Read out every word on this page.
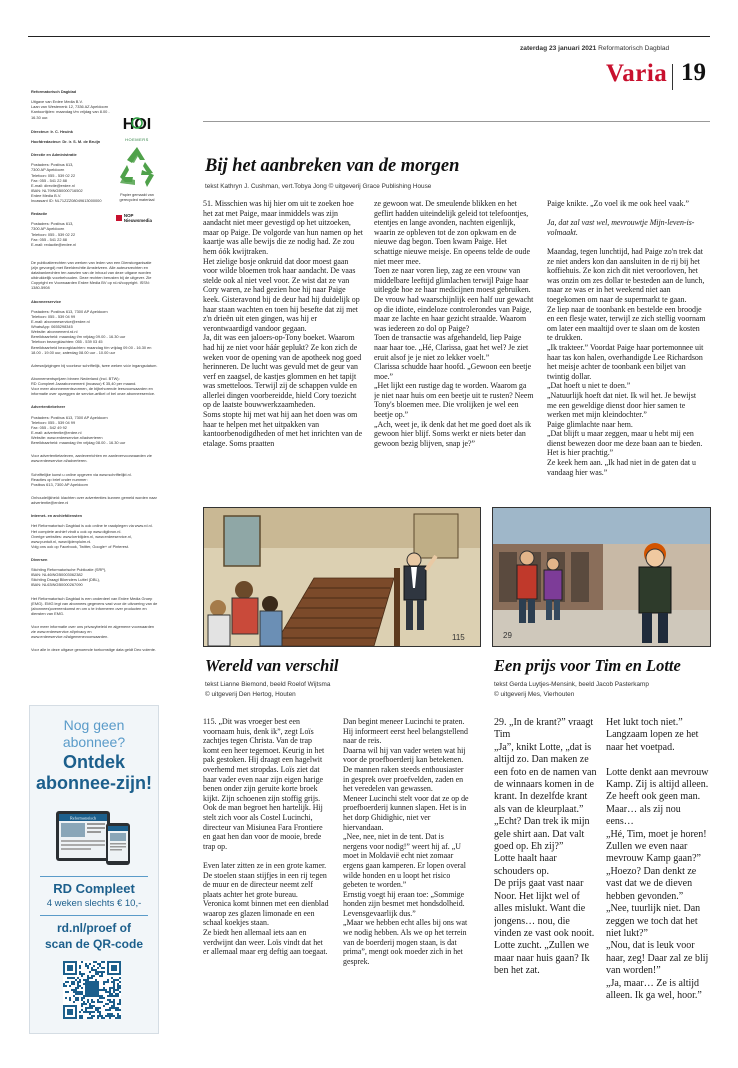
zaterdag 23 januari 2021 Reformatorisch Dagblad
Varia 19

Reformatorisch Dagblad

Uitgave van Erdee Media B.V.
Laan van Westenenk 12, 7336 AZ Apeldoorn
Kantoortijden: maandag t/m vrijdag van 8.00 - 16.30 uur.

Directeur: Ir. C. Heuink

Hoofdredacteur: Dr. ir. S. M. de Bruijn

Directie en Administratie

Postadres: Postbus 613,
7300 AP Apeldoorn
Telefoon: 055 - 539 02 22
Fax: 055 - 541 22 88
E-mail: directie@erdee.nl
IBAN: NL79INGB0000716502
Erdee Media B.V.
Incassant ID: NL71ZZZ08049613000000

Redactie

Postadres: Postbus 613,
7300 AP Apeldoorn
Telefoon: 055 - 539 02 22
Fax: 055 - 541 22 88
E-mail: redactie@erdee.nl

De publicatierechten van werken van leden van een Dienstorganisatie (zijn gevoegd) met Beeldrechtte Amstelveen. Alle auteursrechten en databankrechten ten aanzien van de inhoud van deze uitgave worden uitdrukkelijk voorbehouden. Deze rechten berusten bij de uitgever. Zie Copyright en Voorwaarden Erdee Media BV op rd.nl/copyright. ISSN: 1380-5908

Abonneeservice

Postadres: Postbus 613, 7300 AP Apeldoorn
Telefoon: 055 - 539 04 99
E-mail: abonneeservice@erdee.nl
WhatsApp: 0655298345
Website: abonnement.rd.nl
Bereikbaarheid: maandag t/m vrijdag 09.00 - 16.30 uur
Telefoon bezorgklachten: 055 - 539 03 45
Bereikbaarheid bezorgklachten: maandag t/m vrijdag 09.00 - 16.30 en 18.00 - 19.00 uur, zaterdag 08.00 uur - 10.00 uur

Adreswijzigingen bij voorkeur schriftelijk, twee weken vóór ingangsdatum.

Abonnementsprijzen binnen Nederland (incl. BTW):
RD Compleet Jaarabonnement (incasso) € 35,40 per maand.
Voor meer abonnementsvormen, de bijbehorende leesvoorwaarden en informatie over opzeggen de service-artikel of bel onze abonneeservice.

Advertentiebeheer

Postadres: Postbus 613, 7300 AP Apeldoorn
Telefoon: 055 - 539 04 99
Fax: 055 - 542 49 92
E-mail: advertentie@erdee.nl
Website: www.erdeeservice.nl/adverteren
Bereikbaarheid: maandag t/m vrijdag 08.00 - 16.30 uur

Voor advertentietarieven, aanleverrichten en aanlevervoorwaarden zie www.erdeeservice.nl/adverteren.

Schriftelijke kunst u online opgeven via www.schriftelijkt.nl.
Reacties op brief onder nummer:
Postbus 613, 7300 AP Apeldoorn

Onhoudelijkheid: klachten over advertenties kunnen gemeld worden naar advertentie@erdee.nl

Internet- en archiefdiensten

Het Reformatorisch Dagblad is ook online te raadplegen via www.rd.nl. Het complete archief vindt u ook op www.digibron.nl.
Overige websites: www.kerktijden.nl, www.erdeeservice.nl, www.puntuit.nl, www.tijdenpluim.nl.
Volg ons ook op Facebook, Twitter, Google+ of Pinterest.

Diversen

Stichting Reformatorische Publicatie (SRP),
IBAN: NL46INGB0003062382
Stichting Draagt Bikenders Luttel (DBL),
IBAN: NL63INGB0000267090

Het Reformatorisch Dagblad is een onderdeel van Erdee Media Groep (EMG). EMG legt van abonnees gegevens vast voor de uitvoering van de (abonnees)overeenkomst en om u te informeren over producten en diensten van EMG.

Voor meer informatie over ons privacybeleid en algemene voorwaarden zie www.erdeeservice.nl/privacy en www.erdeeservice.nl/algemenevoorwaarden.

Voor alle in deze uitgave genoemde toekomstige data geldt Deo volente.

HOI
HOEMERS
Papier gemaakt van gerecycled materiaal
NOP Nieuwsmedia
Nog geen
abonnee?
Ontdek
abonnee-zijn!
Reformatorisch
RD Compleet
4 weken slechts € 10,-
rd.nl/proef of
scan de QR-code
Bij het aanbreken van de morgen
tekst Kathryn J. Cushman, vert.Tobya Jong © uitgeverij Grace Publishing House
51. Misschien was hij hier om uit te zoeken hoe het zat met Paige, maar inmiddels was zijn aandacht niet meer gevestigd op het uitzoeken, maar op Paige. De volgorde van hun namen op het kaartje was alle bewijs die ze nodig had. Ze zou hem óók kwijtraken.
Het zielige bosje onkruid dat door moest gaan voor wilde bloemen trok haar aandacht. De vaas stelde ook al niet veel voor. Ze wist dat ze van Cory waren, ze had gezien hoe hij naar Paige keek. Gisteravond bij de deur had hij duidelijk op haar staan wachten en toen hij besefte dat zij met z'n drieën uit eten gingen, was hij er verontwaardigd vandoor gegaan.
Ja, dit was een jaloers-op-Tony boeket. Waarom had hij ze niet voor háár geplukt? Ze kon zich de weken voor de opening van de apotheek nog goed herinneren. De lucht was gevuld met de geur van verf en zaagsel, de kastjes glommen en het tapijt was smetteloos. Terwijl zij de schappen vulde en allerlei dingen voorbereidde, hield Cory toezicht op de laatste bouwwerkzaamheden.
Soms stopte hij met wat hij aan het doen was om haar te helpen met het uitpakken van kantoorbenodigdheden of met het inrichten van de etalage. Soms praatten
ze gewoon wat. De smeulende blikken en het geflirt hadden uiteindelijk geleid tot telefoontjes, etentjes en lange avonden, nachten eigenlijk, waarin ze opbleven tot de zon opkwam en de nieuwe dag begon. Toen kwam Paige. Het schattige nieuwe meisje. En opeens telde de oude niet meer mee.
Toen ze naar voren liep, zag ze een vrouw van middelbare leeftijd glimlachen terwijl Paige haar uitlegde hoe ze haar medicijnen moest gebruiken. De vrouw had waarschijnlijk een half uur gewacht op die idiote, eindeloze controlerondes van Paige, maar ze lachte en haar gezicht straalde. Waarom was iedereen zo dol op Paige?
Toen de transactie was afgehandeld, liep Paige naar haar toe. „Hé, Clarissa, gaat het wel? Je ziet eruit alsof je je niet zo lekker voelt.”
Clarissa schudde haar hoofd. „Gewoon een beetje moe.”
„Het lijkt een rustige dag te worden. Waarom ga je niet naar huis om een beetje uit te rusten? Neem Tony's bloemen mee. Die vrolijken je wel een beetje op.”
„Ach, weet je, ik denk dat het me goed doet als ik gewoon hier blijf. Soms werkt er niets beter dan gewoon bezig blijven, snap je?”
Paige knikte. „Zo voel ik me ook heel vaak.”
Ja, dat zal vast wel, mevrouwtje Mijn-leven-is-volmaakt.
Maandag, tegen lunchtijd, had Paige zo'n trek dat ze niet anders kon dan aansluiten in de rij bij het koffiehuis. Ze kon zich dit niet veroorloven, het was onzin om zes dollar te besteden aan de lunch, maar ze was er in het weekend niet aan toegekomen om naar de supermarkt te gaan.
Ze liep naar de toonbank en bestelde een broodje en een flesje water, terwijl ze zich stellig voornam om later een maaltijd over te slaan om de kosten te drukken.
„Ik trakteer.” Voordat Paige haar portemonnee uit haar tas kon halen, overhandigde Lee Richardson het meisje achter de toonbank een biljet van twintig dollar.
„Dat hoeft u niet te doen.”
„Natuurlijk hoeft dat niet. Ik wil het. Je bewijst me een geweldige dienst door hier samen te werken met mijn kleindochter.”
Paige glimlachte naar hem.
„Dat blijft u maar zeggen, maar u hebt mij een dienst bewezen door me deze baan aan te bieden. Het is hier prachtig.”
Ze keek hem aan. „Ik had niet in de gaten dat u vandaag hier was.”
115	29
Wereld van verschil
tekst Lianne Biemond, beeld Roelof Wijtsma
© uitgeverij Den Hertog, Houten
115. „Dit was vroeger best een voornaam huis, denk ik”, zegt Loïs zachtjes tegen Christa. Van de trap komt een heer tegemoet. Keurig in het pak gestoken. Hij draagt een hagelwit overhemd met stropdas. Loïs ziet dat haar vader even naar zijn eigen harige benen onder zijn geruite korte broek kijkt. Zijn schoenen zijn stoffig grijs.
Ook de man begroet hen hartelijk. Hij stelt zich voor als Costel Lucinchi, directeur van Misiunea Fara Frontiere en gaat hen dan voor de mooie, brede trap op.

Even later zitten ze in een grote kamer. De stoelen staan stijfjes in een rij tegen de muur en de directeur neemt zelf plaats achter het grote bureau.
Veronica komt binnen met een dienblad waarop zes glazen limonade en een schaal koekjes staan.
Ze biedt hen allemaal iets aan en verdwijnt dan weer. Loïs vindt dat het er allemaal maar erg deftig aan toegaat.
Dan begint meneer Lucinchi te praten. Hij informeert eerst heel belangstellend naar de reis.
Daarna wil hij van vader weten wat hij voor de proefboerderij kan betekenen. De mannen raken steeds enthousiaster in gesprek over proefvelden, zaden en het veredelen van gewassen.
Meneer Lucinchi stelt voor dat ze op de proefboerderij kunnen slapen. Het is in het dorp Ghidighic, niet ver hiervandaan.
„Nee, nee, niet in de tent. Dat is nergens voor nodig!” weert hij af. „U moet in Moldavië echt niet zomaar ergens gaan kamperen. Er lopen overal wilde honden en u loopt het risico gebeten te worden.”
Ernstig voegt hij eraan toe: „Sommige honden zijn besmet met hondsdolheid. Levensgevaarlijk dus.”
„Maar we hebben echt alles bij ons wat we nodig hebben. Als we op het terrein van de boerderij mogen staan, is dat prima”, mengt ook moeder zich in het gesprek.
Een prijs voor Tim en Lotte
tekst Gerda Luytjes-Mensink, beeld Jacob Pasterkamp
© uitgeverij Mes, Vierhouten
29. „In de krant?” vraagt Tim
„Ja”, knikt Lotte, „dat is altijd zo. Dan maken ze een foto en de namen van de winnaars komen in de krant. In dezelfde krant als van de kleurplaat.”
„Echt? Dan trek ik mijn gele shirt aan. Dat valt goed op. Eh zij?”
Lotte haalt haar schouders op.
De prijs gaat vast naar Noor. Het lijkt wel of alles mislukt. Want die jongens… nou, die vinden ze vast ook nooit.
Lotte zucht. „Zullen we maar naar huis gaan? Ik ben het zat.
Het lukt toch niet.” Langzaam lopen ze het naar het voetpad.

Lotte denkt aan mevrouw Kamp. Zij is altijd alleen. Ze heeft ook geen man. Maar… als zij nou eens…
„Hé, Tim, moet je horen! Zullen we even naar mevrouw Kamp gaan?”
„Hoezo? Dan denkt ze vast dat we de dieven hebben gevonden.”
„Nee, tuurlijk niet. Dan zeggen we toch dat het niet lukt?”
„Nou, dat is leuk voor haar, zeg! Daar zal ze blij van worden!”
„Ja, maar… Ze is altijd alleen. Ik ga wel, hoor.”
